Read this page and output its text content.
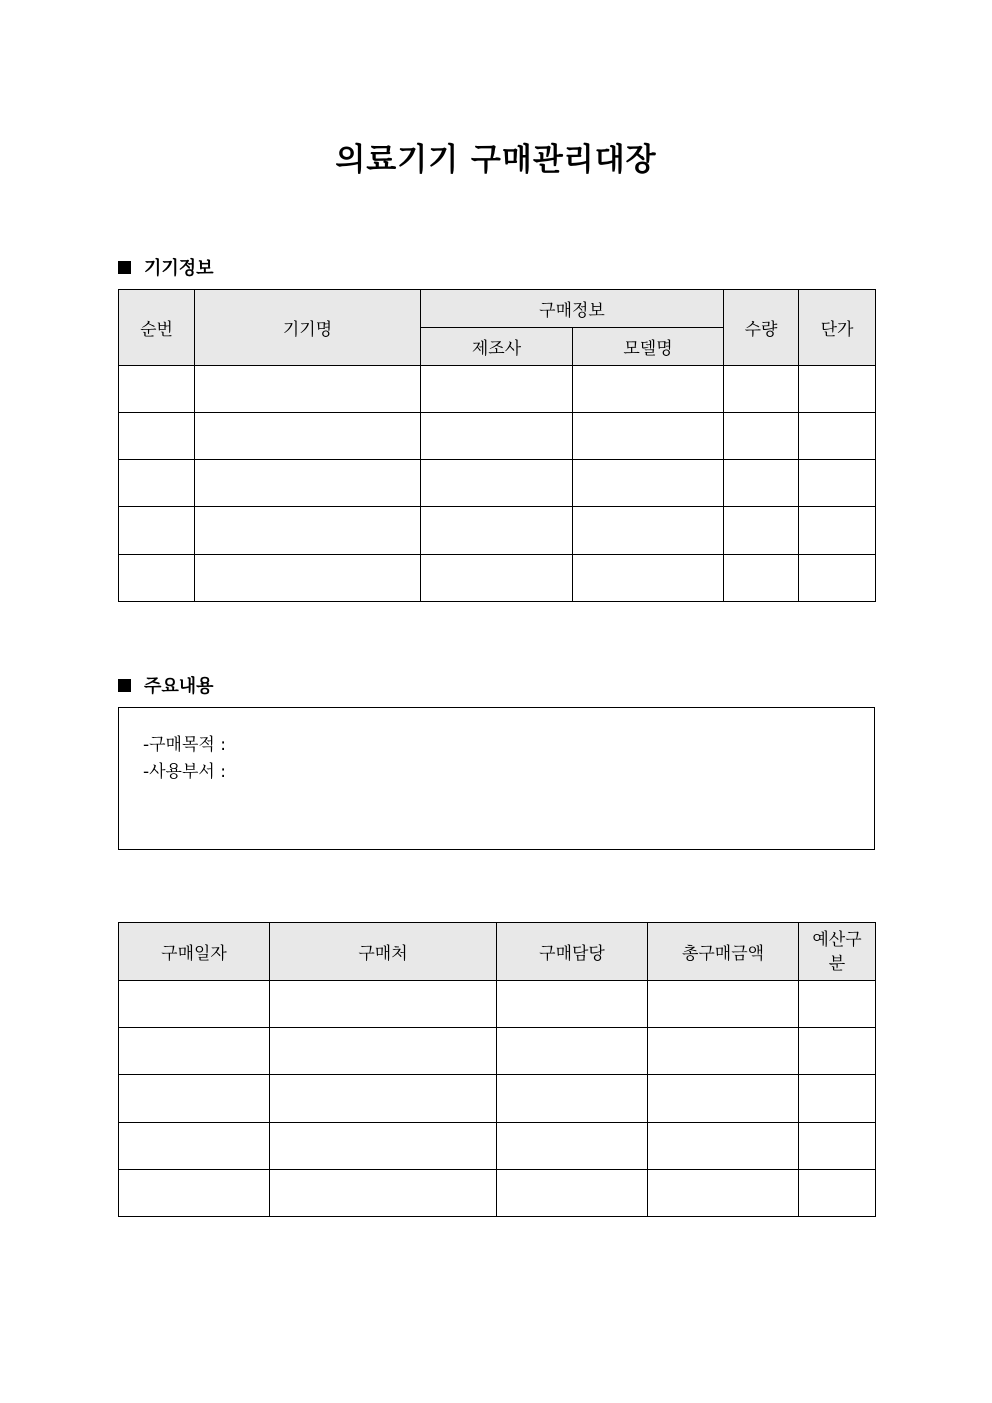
의료기기 구매관리대장
기기정보
순번	기기명	구매정보		수량	단가
		제조사	모델명		

주요내용
-구매목적 :
-사용부서 :
구매일자	구매처	구매담당	총구매금액	예산구
분
